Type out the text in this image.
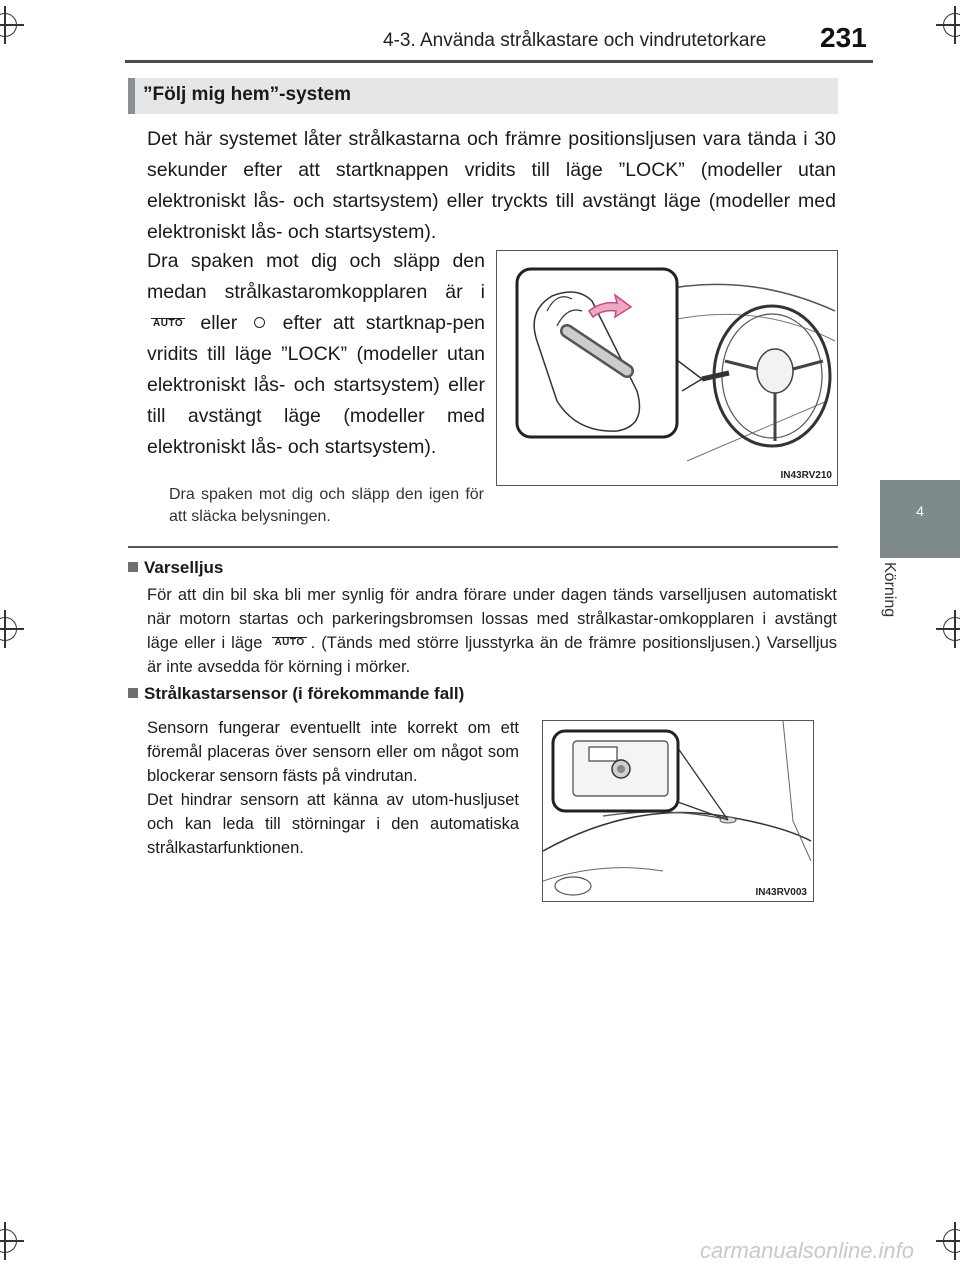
4-3. Använda strålkastare och vindrutetorkare 231
4
Körning
”Följ mig hem”-system
Det här systemet låter strålkastarna och främre positionsljusen vara tända i 30 sekunder efter att startknappen vridits till läge ”LOCK” (modeller utan elektroniskt lås- och startsystem) eller tryckts till avstängt läge (modeller med elektroniskt lås- och startsystem).
Dra spaken mot dig och släpp den medan strålkastaromkopplaren är i AUTO eller efter att startknap-pen vridits till läge ”LOCK” (modeller utan elektroniskt lås- och startsystem) eller till avstängt läge (modeller med elektroniskt lås- och startsystem).
Dra spaken mot dig och släpp den igen för att släcka belysningen.
IN43RV210
Varselljus
För att din bil ska bli mer synlig för andra förare under dagen tänds varselljusen automatiskt när motorn startas och parkeringsbromsen lossas med strålkastar-omkopplaren i avstängt läge eller i läge AUTO . (Tänds med större ljusstyrka än de främre positionsljusen.) Varselljus är inte avsedda för körning i mörker.
Strålkastarsensor (i förekommande fall)
Sensorn fungerar eventuellt inte korrekt om ett föremål placeras över sensorn eller om något som blockerar sensorn fästs på vindrutan.
Det hindrar sensorn att känna av utom-husljuset och kan leda till störningar i den automatiska strålkastarfunktionen.
IN43RV003
carmanualsonline.info
